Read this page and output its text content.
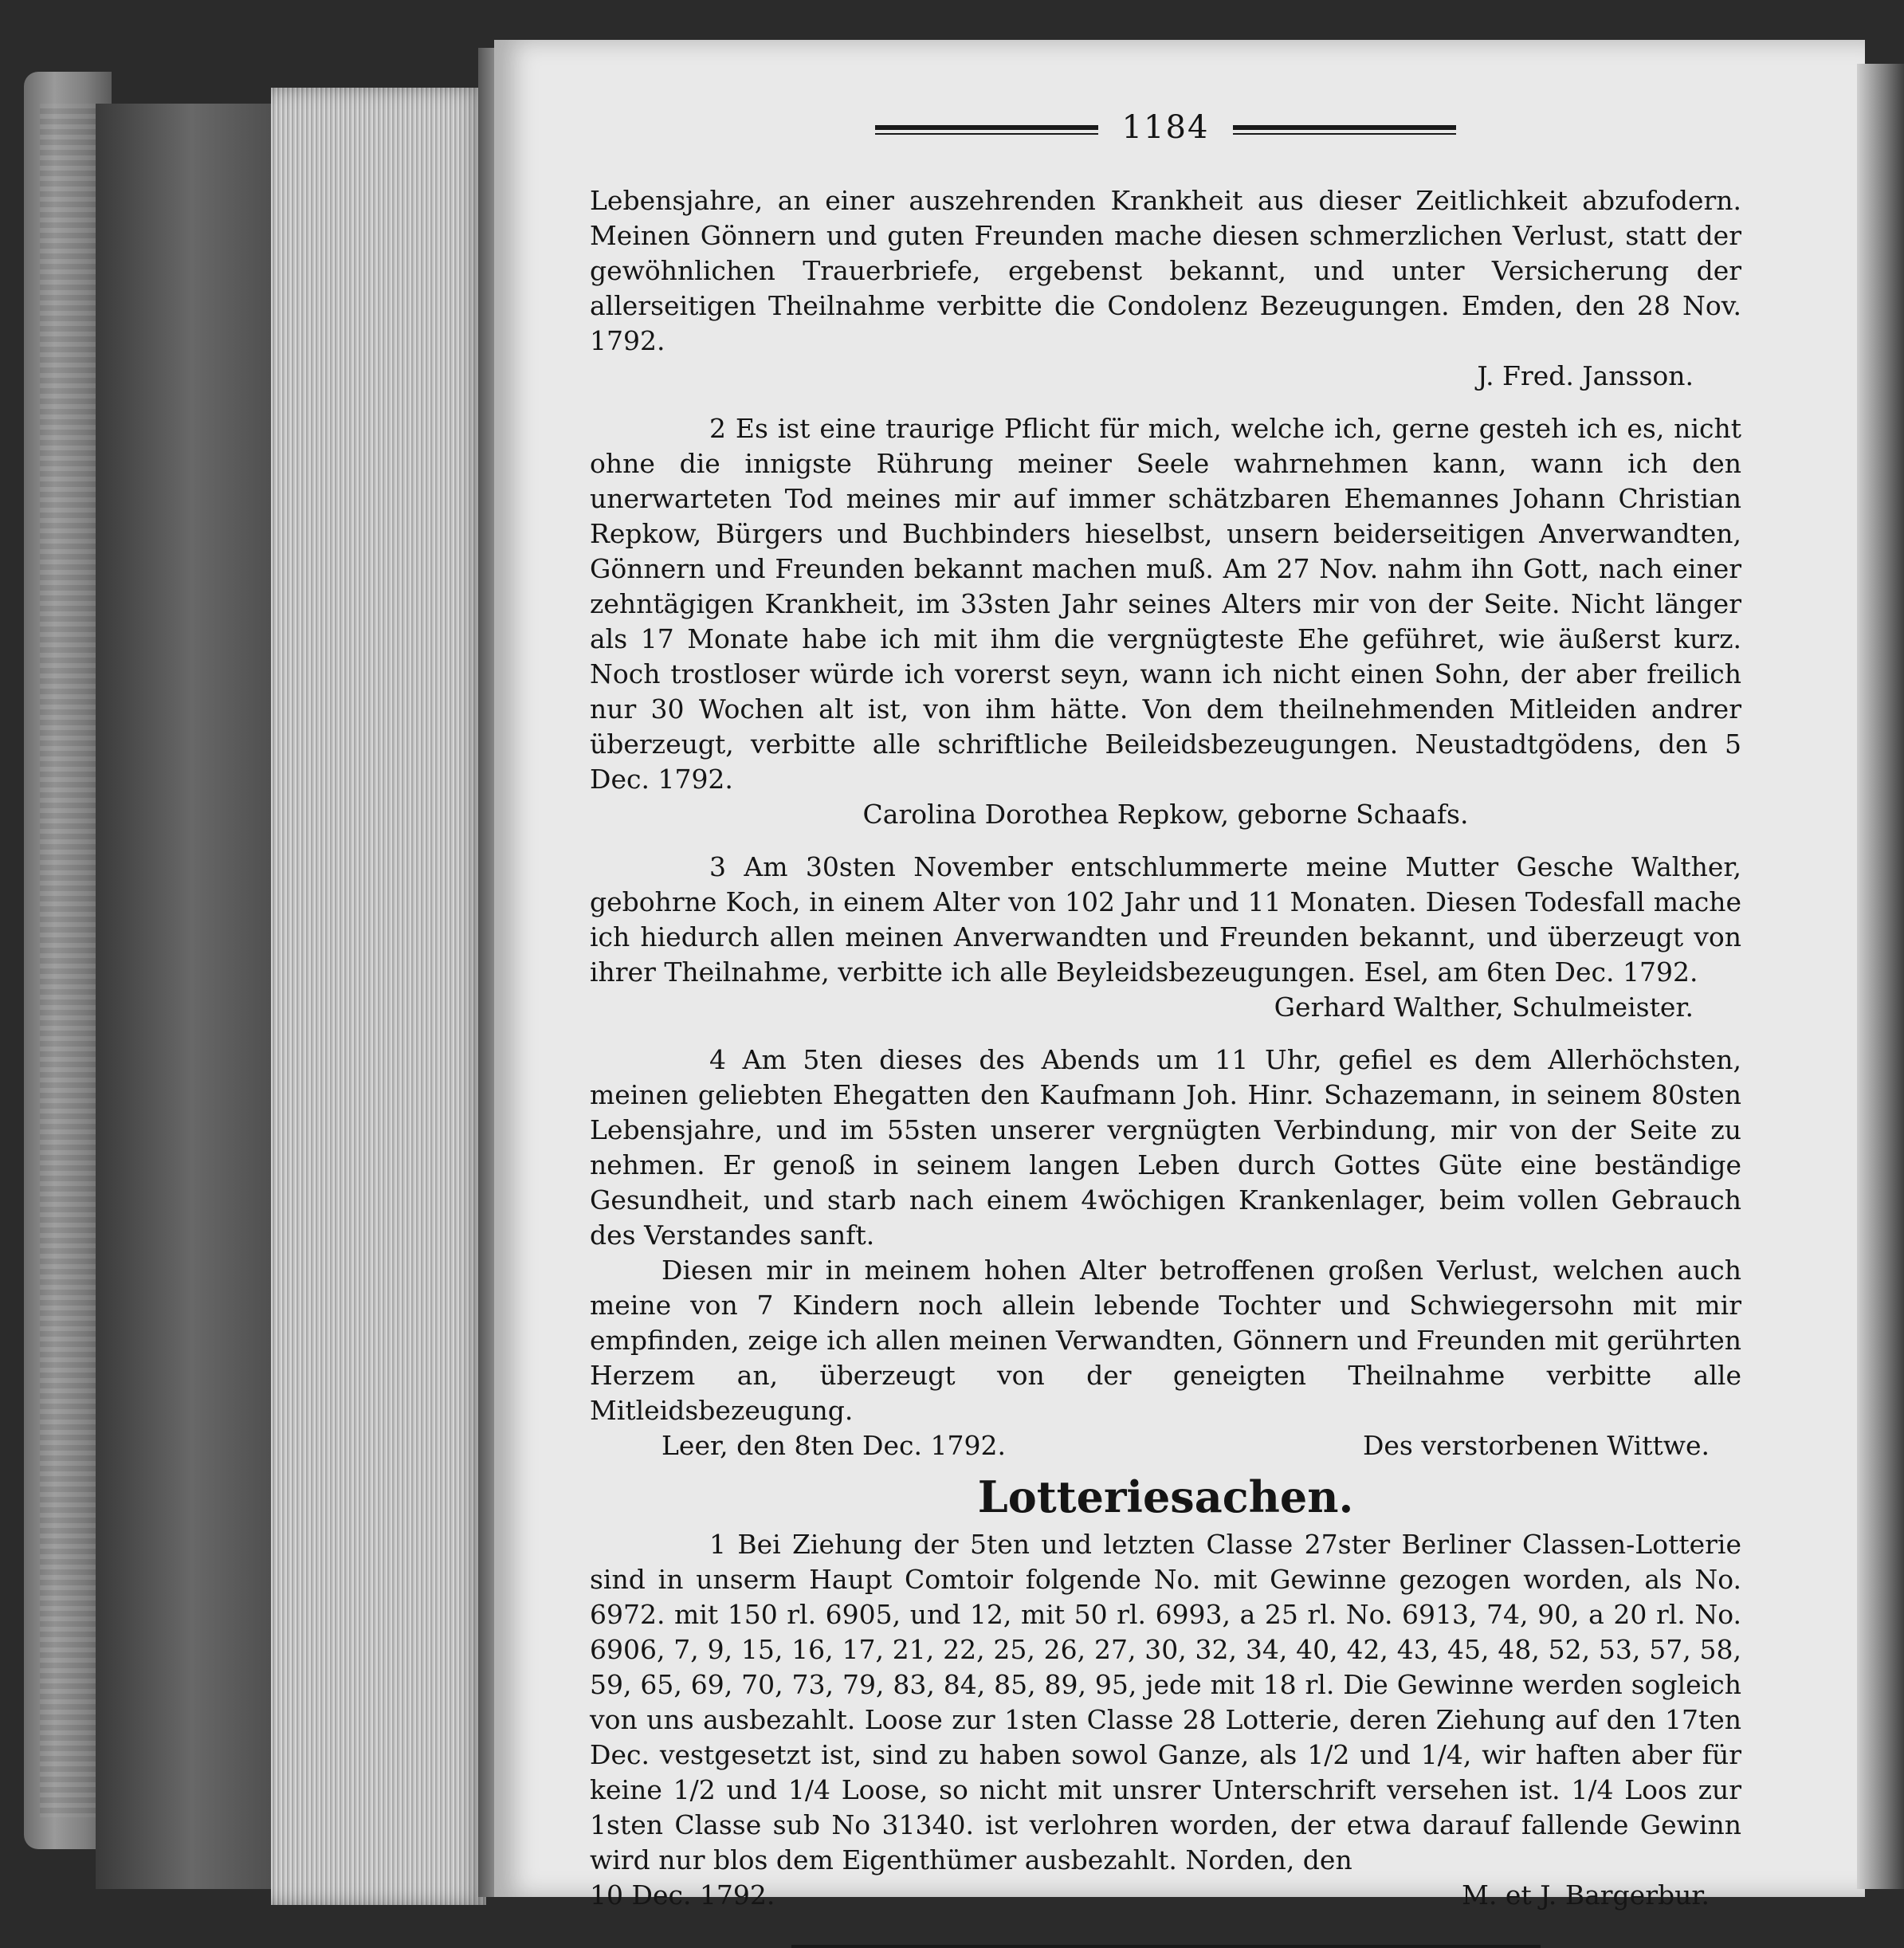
1184

Lebensjahre, an einer auszehrenden Krankheit aus dieser Zeitlichkeit abzufodern. Meinen Gönnern und guten Freunden mache diesen schmerzlichen Verlust, statt der gewöhnlichen Trauerbriefe, ergebenst bekannt, und unter Versicherung der allerseitigen Theilnahme verbitte die Condolenz Bezeugungen. Emden, den 28 Nov. 1792.

J. Fred. Jansson.

2 Es ist eine traurige Pflicht für mich, welche ich, gerne gesteh ich es, nicht ohne die innigste Rührung meiner Seele wahrnehmen kann, wann ich den unerwarteten Tod meines mir auf immer schätzbaren Ehemannes Johann Christian Repkow, Bürgers und Buchbinders hieselbst, unsern beiderseitigen Anverwandten, Gönnern und Freunden bekannt machen muß. Am 27 Nov. nahm ihn Gott, nach einer zehntägigen Krankheit, im 33sten Jahr seines Alters mir von der Seite. Nicht länger als 17 Monate habe ich mit ihm die vergnügteste Ehe geführet, wie äußerst kurz. Noch trostloser würde ich vorerst seyn, wann ich nicht einen Sohn, der aber freilich nur 30 Wochen alt ist, von ihm hätte. Von dem theilnehmenden Mitleiden andrer überzeugt, verbitte alle schriftliche Beileidsbezeugungen. Neustadtgödens, den 5 Dec. 1792.

Carolina Dorothea Repkow, geborne Schaafs.

3 Am 30sten November entschlummerte meine Mutter Gesche Walther, gebohrne Koch, in einem Alter von 102 Jahr und 11 Monaten. Diesen Todesfall mache ich hiedurch allen meinen Anverwandten und Freunden bekannt, und überzeugt von ihrer Theilnahme, verbitte ich alle Beyleidsbezeugungen. Esel, am 6ten Dec. 1792.

Gerhard Walther, Schulmeister.

4 Am 5ten dieses des Abends um 11 Uhr, gefiel es dem Allerhöchsten, meinen geliebten Ehegatten den Kaufmann Joh. Hinr. Schazemann, in seinem 80sten Lebensjahre, und im 55sten unserer vergnügten Verbindung, mir von der Seite zu nehmen. Er genoß in seinem langen Leben durch Gottes Güte eine beständige Gesundheit, und starb nach einem 4wöchigen Krankenlager, beim vollen Gebrauch des Verstandes sanft.

Diesen mir in meinem hohen Alter betroffenen großen Verlust, welchen auch meine von 7 Kindern noch allein lebende Tochter und Schwiegersohn mit mir empfinden, zeige ich allen meinen Verwandten, Gönnern und Freunden mit gerührten Herzem an, überzeugt von der geneigten Theilnahme verbitte alle Mitleidsbezeugung.

Leer, den 8ten Dec. 1792.	Des verstorbenen Wittwe.
Lotteriesachen.

1 Bei Ziehung der 5ten und letzten Classe 27ster Berliner Classen-Lotterie sind in unserm Haupt Comtoir folgende No. mit Gewinne gezogen worden, als No. 6972. mit 150 rl. 6905, und 12, mit 50 rl. 6993, a 25 rl. No. 6913, 74, 90, a 20 rl. No. 6906, 7, 9, 15, 16, 17, 21, 22, 25, 26, 27, 30, 32, 34, 40, 42, 43, 45, 48, 52, 53, 57, 58, 59, 65, 69, 70, 73, 79, 83, 84, 85, 89, 95, jede mit 18 rl. Die Gewinne werden sogleich von uns ausbezahlt. Loose zur 1sten Classe 28 Lotterie, deren Ziehung auf den 17ten Dec. vestgesetzt ist, sind zu haben sowol Ganze, als 1/2 und 1/4, wir haften aber für keine 1/2 und 1/4 Loose, so nicht mit unsrer Unterschrift versehen ist. 1/4 Loos zur 1sten Classe sub No 31340. ist verlohren worden, der etwa darauf fallende Gewinn wird nur blos dem Eigenthümer ausbezahlt. Norden, den

10 Dec. 1792.	M. et J. Bargerbur.
